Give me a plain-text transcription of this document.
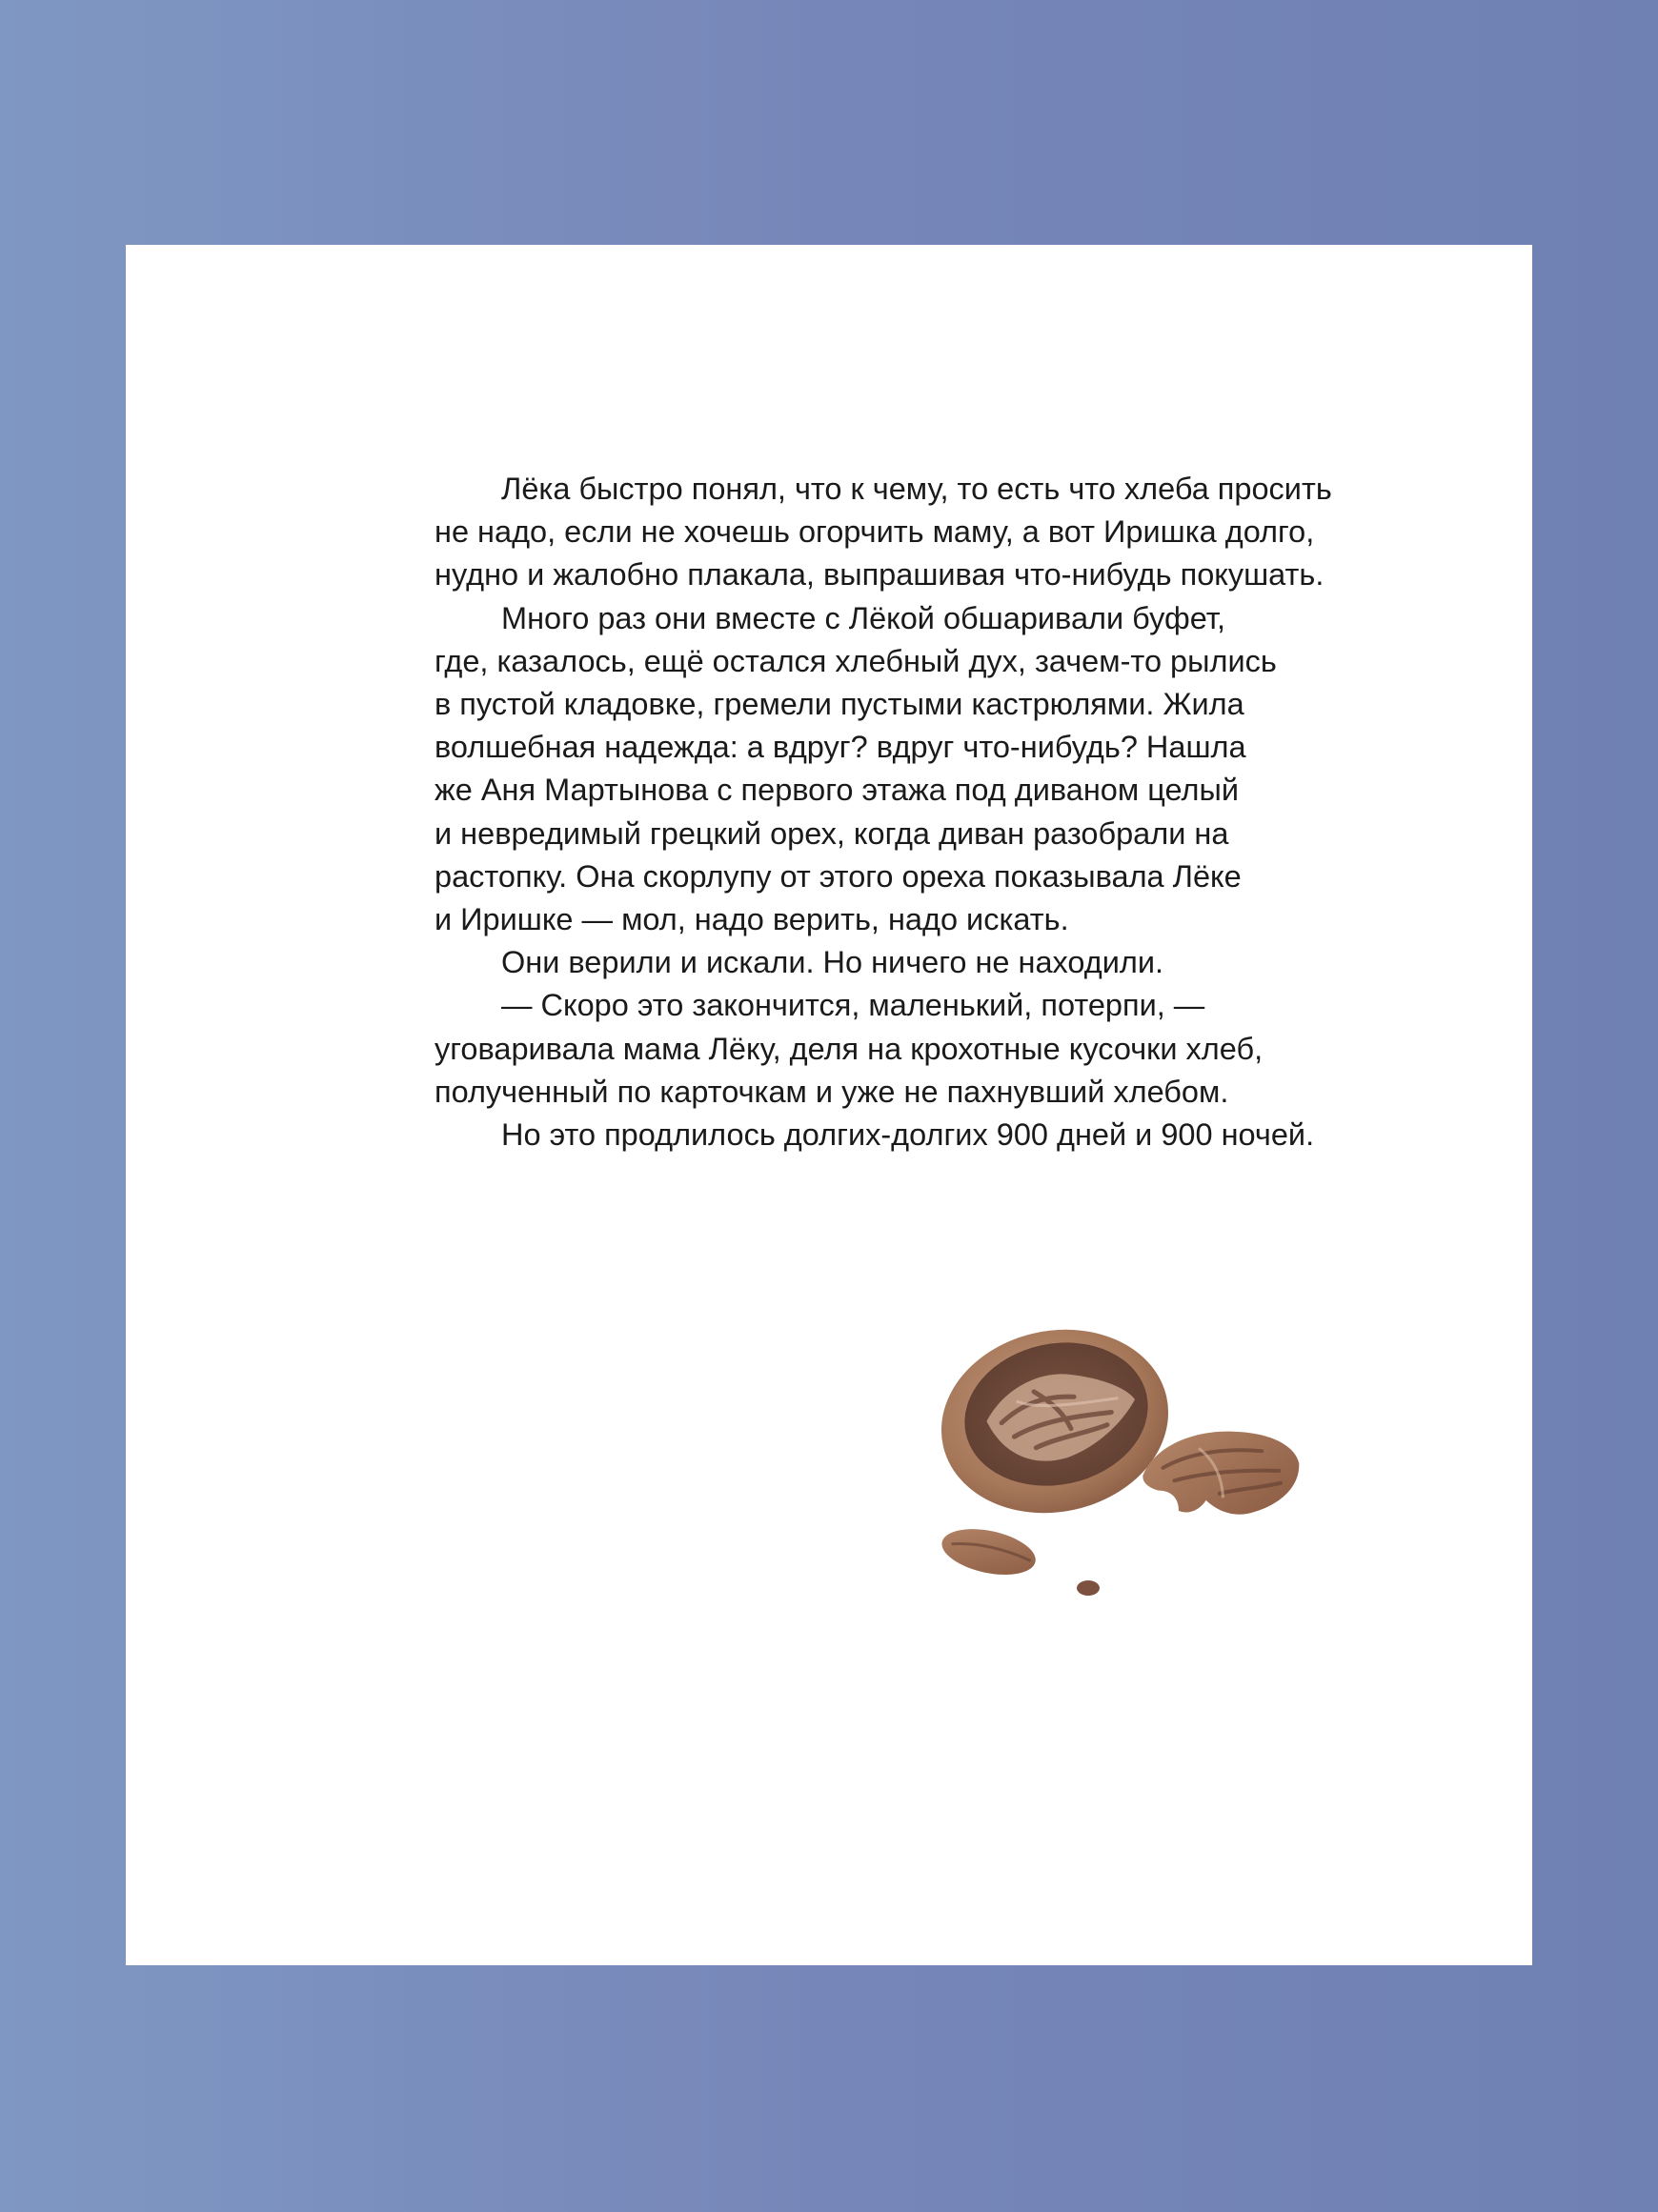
Лёка быстро понял, что к чему, то есть что хлеба просить
не надо, если не хочешь огорчить маму, а вот Иришка долго,
нудно и жалобно плакала, выпрашивая что-нибудь покушать.
Много раз они вместе с Лёкой обшаривали буфет,
где, казалось, ещё остался хлебный дух, зачем-то рылись
в пустой кладовке, гремели пустыми кастрюлями. Жила
волшебная надежда: а вдруг? вдруг что-нибудь? Нашла
же Аня Мартынова с первого этажа под диваном целый
и невредимый грецкий орех, когда диван разобрали на
растопку. Она скорлупу от этого ореха показывала Лёке
и Иришке — мол, надо верить, надо искать.
Они верили и искали. Но ничего не находили.
— Скоро это закончится, маленький, потерпи, —
уговаривала мама Лёку, деля на крохотные кусочки хлеб,
полученный по карточкам и уже не пахнувший хлебом.
Но это продлилось долгих-долгих 900 дней и 900 ночей.
